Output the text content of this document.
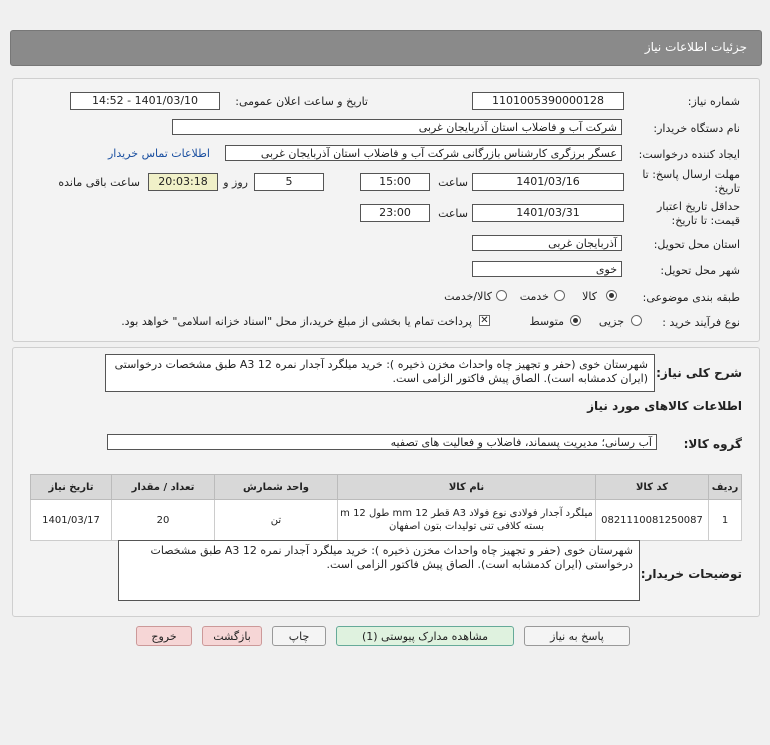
جزئیات اطلاعات نیاز
شماره نیاز:
1101005390000128
تاریخ و ساعت اعلان عمومی:
1401/03/10 - 14:52
نام دستگاه خریدار:
شرکت آب و فاضلاب استان آذربایجان غربی
ایجاد کننده درخواست:
عسگر برزگری کارشناس بازرگانی شرکت آب و فاضلاب استان آذربایجان غربی
اطلاعات تماس خریدار
مهلت ارسال پاسخ: تا
تاریخ:
1401/03/16
ساعت
15:00
5
روز و
20:03:18
ساعت باقی مانده
حداقل تاریخ اعتبار
قیمت: تا تاریخ:
1401/03/31
ساعت
23:00
استان محل تحویل:
آذربایجان غربی
شهر محل تحویل:
خوی
طبقه بندی موضوعی:
کالا
خدمت
کالا/خدمت
نوع فرآیند خرید :
جزیی
متوسط
✕
پرداخت تمام یا بخشی از مبلغ خرید،از محل "اسناد خزانه اسلامی" خواهد بود.
شرح کلی نیاز:
شهرستان خوی (حفر و تجهیز چاه واحداث مخزن ذخیره ): خرید میلگرد آجدار نمره 12 A3 طبق مشخصات درخواستی (ایران کدمشابه است). الصاق پیش فاکتور الزامی است.
اطلاعات کالاهای مورد نیاز
گروه کالا:
آب رسانی؛ مدیریت پسماند، فاضلاب و فعالیت های تصفیه
ردیف	کد کالا	نام کالا	واحد شمارش	تعداد / مقدار	تاریخ نیاز
1	0821110081250087	میلگرد آجدار فولادی نوع فولاد A3 قطر 12 mm طول 12 m
بسته کلافی تنی تولیدات بتون اصفهان	تن	20	1401/03/17
توضیحات خریدار:
شهرستان خوی (حفر و تجهیز چاه واحداث مخزن ذخیره ): خرید میلگرد آجدار نمره 12 A3 طبق مشخصات درخواستی (ایران کدمشابه است). الصاق پیش فاکتور الزامی است.
پاسخ به نیاز
مشاهده مدارک پیوستی (1)
چاپ
بازگشت
خروج
